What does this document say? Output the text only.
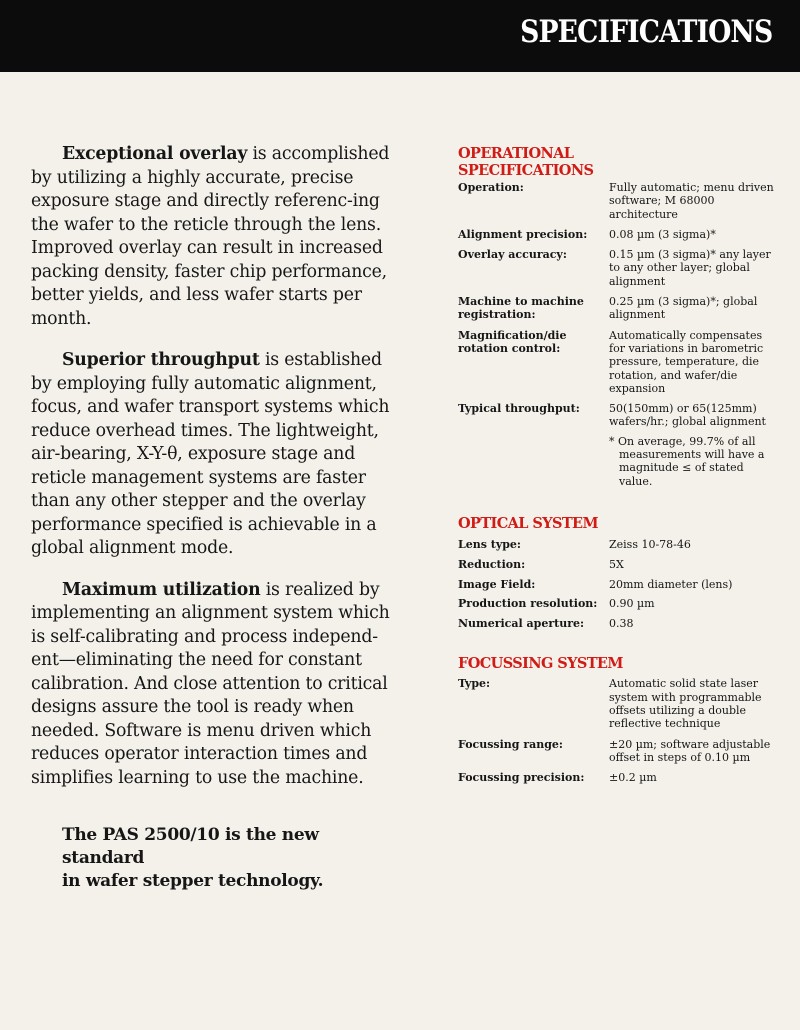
SPECIFICATIONS

Exceptional overlay is accomplished by utilizing a highly accurate, precise exposure stage and directly referenc-ing the wafer to the reticle through the lens. Improved overlay can result in increased packing density, faster chip performance, better yields, and less wafer starts per month.

Superior throughput is established by employing fully automatic alignment, focus, and wafer transport systems which reduce overhead times. The lightweight, air-bearing, X-Y-θ, exposure stage and reticle management systems are faster than any other stepper and the overlay performance specified is achievable in a global alignment mode.

Maximum utilization is realized by implementing an alignment system which is self-calibrating and process independ-ent—eliminating the need for constant calibration. And close attention to critical designs assure the tool is ready when needed. Software is menu driven which reduces operator interaction times and simplifies learning to use the machine.

The PAS 2500/10 is the new standard
in wafer stepper technology.
OPERATIONAL
SPECIFICATIONS
Operation:	Fully automatic; menu driven software; M 68000 architecture
Alignment precision:	0.08 µm (3 sigma)*
Overlay accuracy:	0.15 µm (3 sigma)* any layer to any other layer; global alignment
Machine to machine registration:
0.25 µm (3 sigma)*; global alignment
Magnification/die rotation control:
Automatically compensates for variations in barometric pressure, temperature, die rotation, and wafer/die expansion
Typical throughput:	50(150mm) or 65(125mm) wafers/hr.; global alignment
* On average, 99.7% of all measurements will have a magnitude ≤ of stated value.
OPTICAL SYSTEM
Lens type:	Zeiss 10-78-46
Reduction:	5X
Image Field:	20mm diameter (lens)
Production resolution:	0.90 µm
Numerical aperture:	0.38
FOCUSSING SYSTEM
Type:	Automatic solid state laser system with programmable offsets utilizing a double reflective technique
Focussing range:	±20 µm; software adjustable offset in steps of 0.10 µm
Focussing precision:	±0.2 µm
